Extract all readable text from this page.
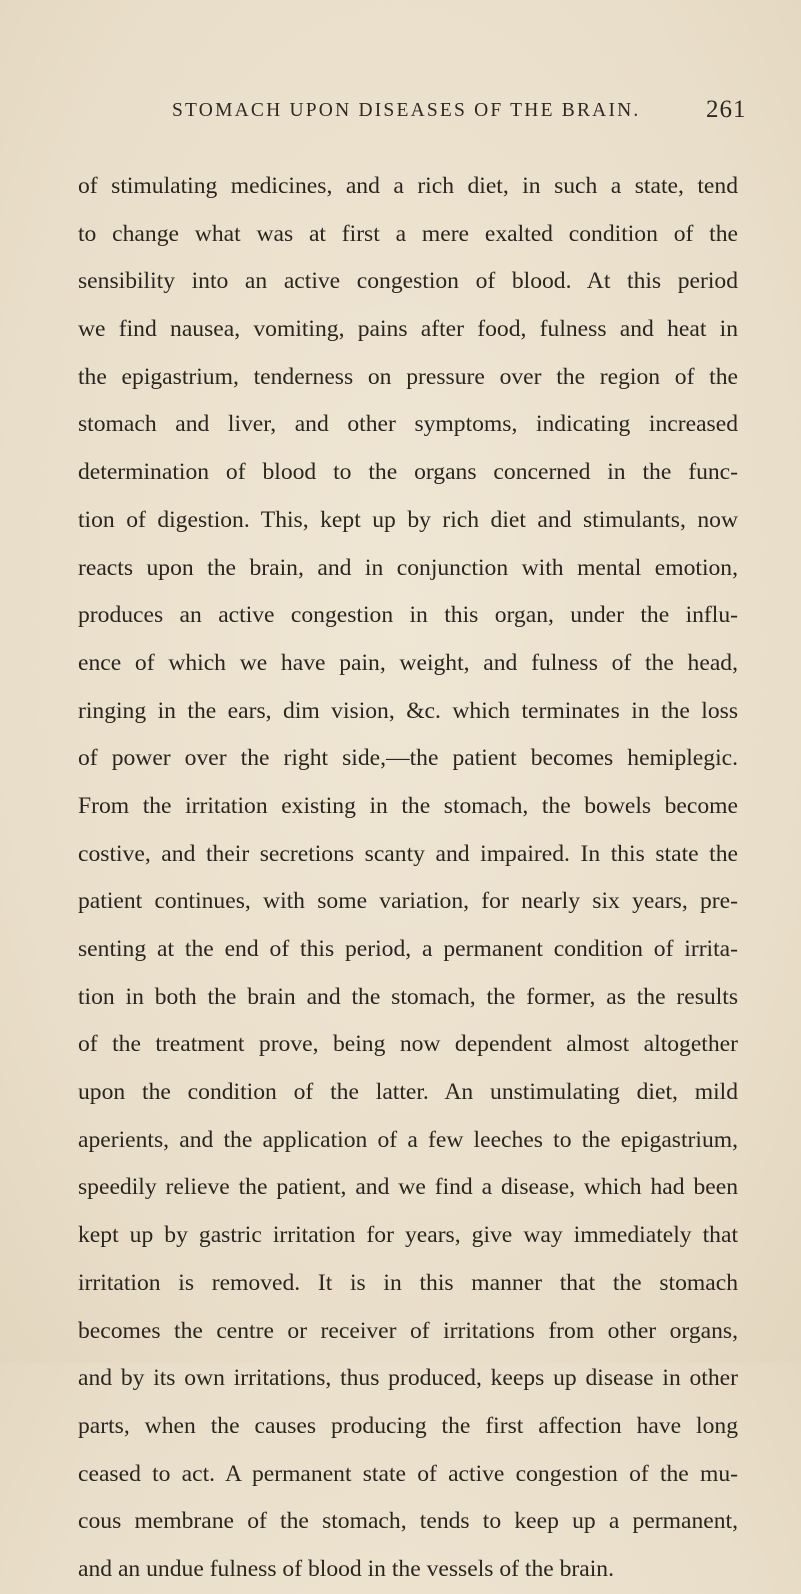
STOMACH UPON DISEASES OF THE BRAIN.	261
of stimulating medicines, and a rich diet, in such a state, tend
to change what was at first a mere exalted condition of the
sensibility into an active congestion of blood. At this period
we find nausea, vomiting, pains after food, fulness and heat in
the epigastrium, tenderness on pressure over the region of the
stomach and liver, and other symptoms, indicating increased
determination of blood to the organs concerned in the func-
tion of digestion. This, kept up by rich diet and stimulants, now
reacts upon the brain, and in conjunction with mental emotion,
produces an active congestion in this organ, under the influ-
ence of which we have pain, weight, and fulness of the head,
ringing in the ears, dim vision, &c. which terminates in the loss
of power over the right side,—the patient becomes hemiplegic.
From the irritation existing in the stomach, the bowels become
costive, and their secretions scanty and impaired. In this state the
patient continues, with some variation, for nearly six years, pre-
senting at the end of this period, a permanent condition of irrita-
tion in both the brain and the stomach, the former, as the results
of the treatment prove, being now dependent almost altogether
upon the condition of the latter. An unstimulating diet, mild
aperients, and the application of a few leeches to the epigastrium,
speedily relieve the patient, and we find a disease, which had been
kept up by gastric irritation for years, give way immediately that
irritation is removed. It is in this manner that the stomach
becomes the centre or receiver of irritations from other organs,
and by its own irritations, thus produced, keeps up disease in other
parts, when the causes producing the first affection have long
ceased to act. A permanent state of active congestion of the mu-
cous membrane of the stomach, tends to keep up a permanent,
and an undue fulness of blood in the vessels of the brain.
